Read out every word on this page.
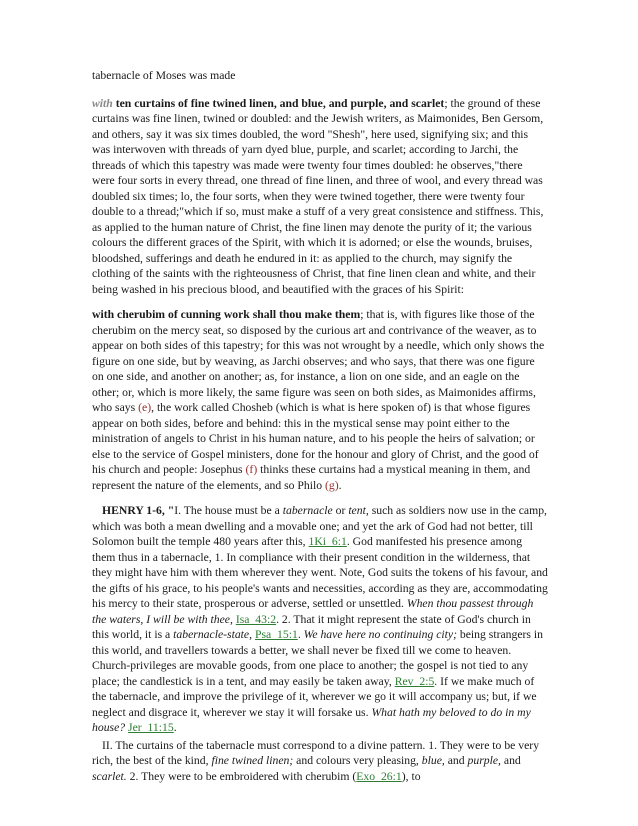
tabernacle of Moses was made

with ten curtains of fine twined linen, and blue, and purple, and scarlet; the ground of these curtains was fine linen, twined or doubled: and the Jewish writers, as Maimonides, Ben Gersom, and others, say it was six times doubled, the word "Shesh", here used, signifying six; and this was interwoven with threads of yarn dyed blue, purple, and scarlet; according to Jarchi, the threads of which this tapestry was made were twenty four times doubled: he observes,"there were four sorts in every thread, one thread of fine linen, and three of wool, and every thread was doubled six times; lo, the four sorts, when they were twined together, there were twenty four double to a thread;"which if so, must make a stuff of a very great consistence and stiffness. This, as applied to the human nature of Christ, the fine linen may denote the purity of it; the various colours the different graces of the Spirit, with which it is adorned; or else the wounds, bruises, bloodshed, sufferings and death he endured in it: as applied to the church, may signify the clothing of the saints with the righteousness of Christ, that fine linen clean and white, and their being washed in his precious blood, and beautified with the graces of his Spirit:

with cherubim of cunning work shall thou make them; that is, with figures like those of the cherubim on the mercy seat, so disposed by the curious art and contrivance of the weaver, as to appear on both sides of this tapestry; for this was not wrought by a needle, which only shows the figure on one side, but by weaving, as Jarchi observes; and who says, that there was one figure on one side, and another on another; as, for instance, a lion on one side, and an eagle on the other; or, which is more likely, the same figure was seen on both sides, as Maimonides affirms, who says (e), the work called Chosheb (which is what is here spoken of) is that whose figures appear on both sides, before and behind: this in the mystical sense may point either to the ministration of angels to Christ in his human nature, and to his people the heirs of salvation; or else to the service of Gospel ministers, done for the honour and glory of Christ, and the good of his church and people: Josephus (f) thinks these curtains had a mystical meaning in them, and represent the nature of the elements, and so Philo (g).

HENRY 1-6, "I. The house must be a tabernacle or tent, such as soldiers now use in the camp, which was both a mean dwelling and a movable one; and yet the ark of God had not better, till Solomon built the temple 480 years after this, 1Ki_6:1. God manifested his presence among them thus in a tabernacle, 1. In compliance with their present condition in the wilderness, that they might have him with them wherever they went. Note, God suits the tokens of his favour, and the gifts of his grace, to his people's wants and necessities, according as they are, accommodating his mercy to their state, prosperous or adverse, settled or unsettled. When thou passest through the waters, I will be with thee, Isa_43:2. 2. That it might represent the state of God's church in this world, it is a tabernacle-state, Psa_15:1. We have here no continuing city; being strangers in this world, and travellers towards a better, we shall never be fixed till we come to heaven. Church-privileges are movable goods, from one place to another; the gospel is not tied to any place; the candlestick is in a tent, and may easily be taken away, Rev_2:5. If we make much of the tabernacle, and improve the privilege of it, wherever we go it will accompany us; but, if we neglect and disgrace it, wherever we stay it will forsake us. What hath my beloved to do in my house? Jer_11:15.

II. The curtains of the tabernacle must correspond to a divine pattern. 1. They were to be very rich, the best of the kind, fine twined linen; and colours very pleasing, blue, and purple, and scarlet. 2. They were to be embroidered with cherubim (Exo_26:1), to
